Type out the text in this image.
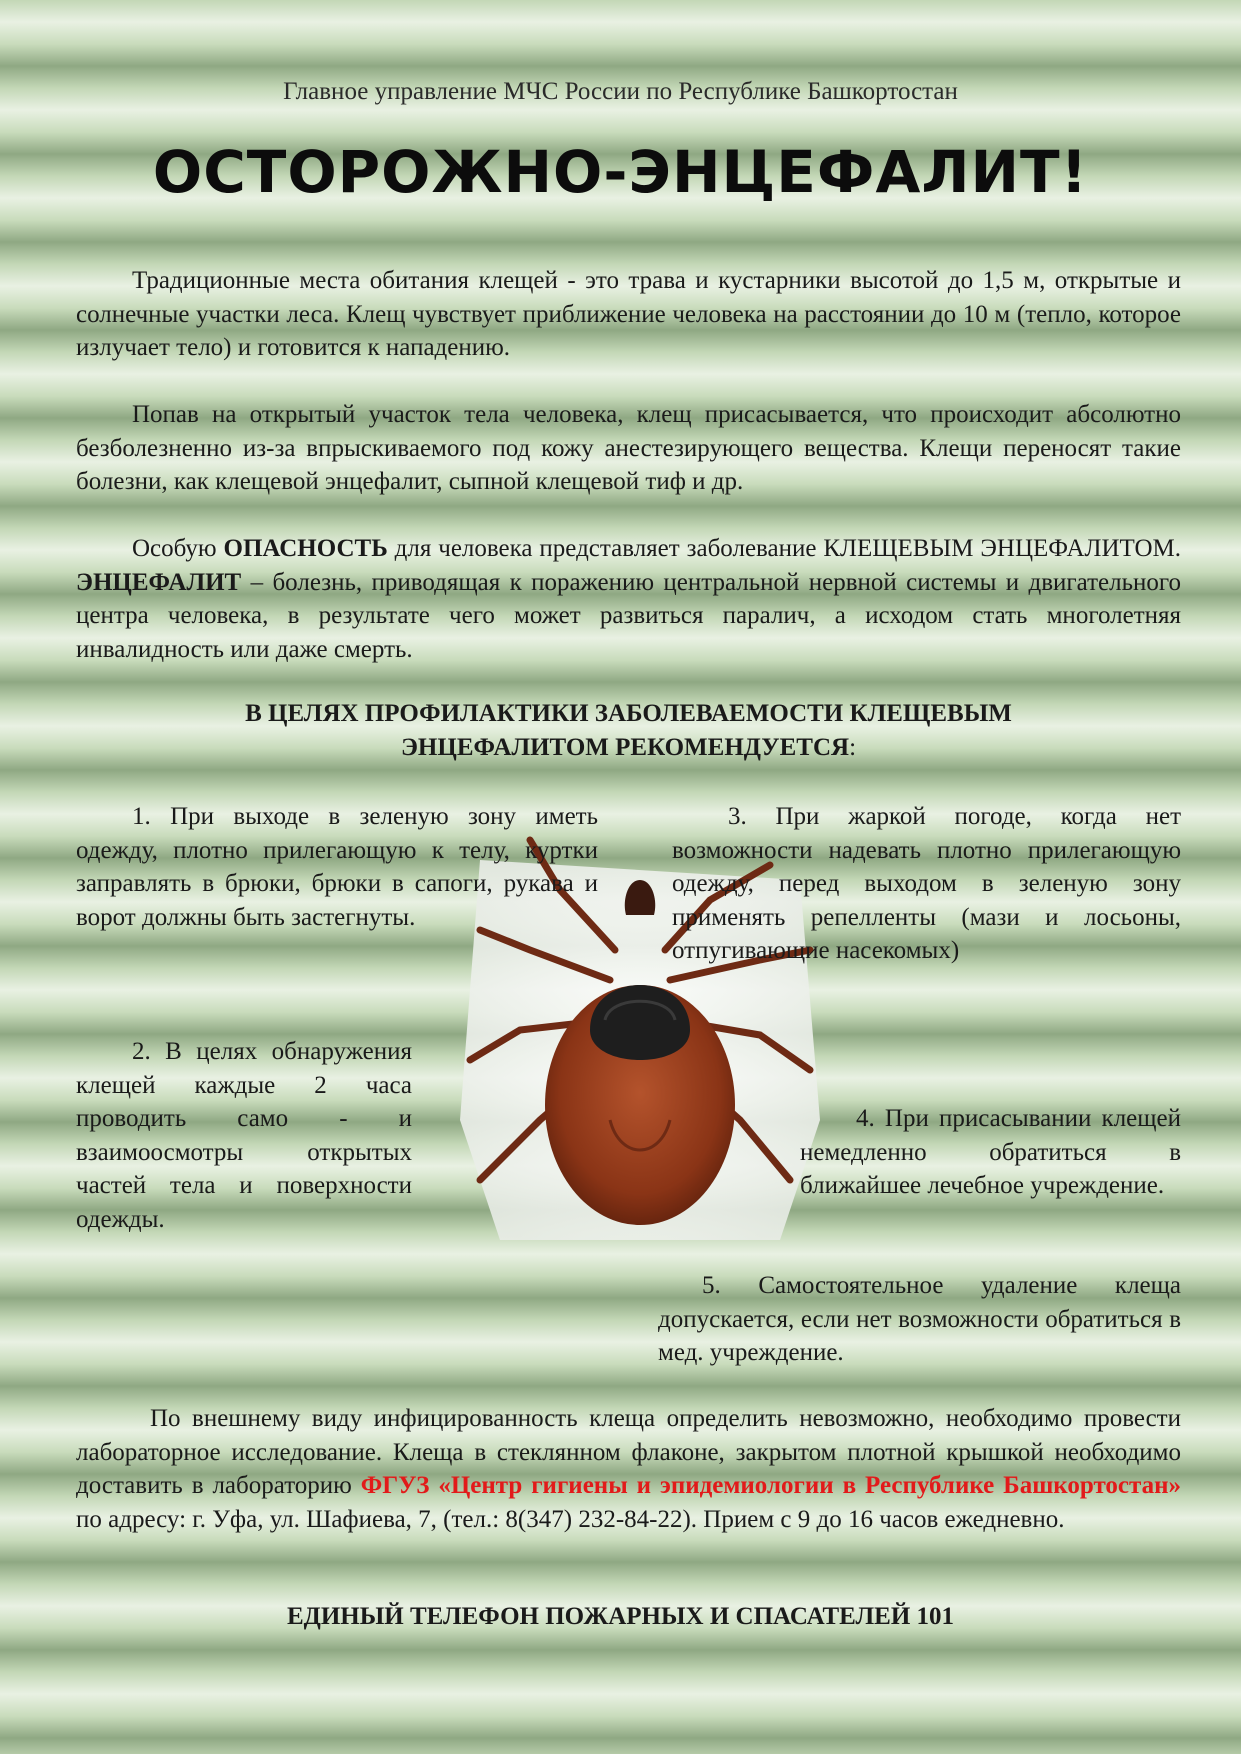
Главное управление МЧС России по Республике Башкортостан
ОСТОРОЖНО-ЭНЦЕФАЛИТ!

Традиционные места обитания клещей - это трава и кустарники высотой до 1,5 м, открытые и солнечные участки леса. Клещ чувствует приближение человека на расстоянии до 10 м (тепло, которое излучает тело) и готовится к нападению.

Попав на открытый участок тела человека, клещ присасывается, что происходит абсолютно безболезненно из-за впрыскиваемого под кожу анестезирующего вещества. Клещи переносят такие болезни, как клещевой энцефалит, сыпной клещевой тиф и др.

Особую ОПАСНОСТЬ для человека представляет заболевание КЛЕЩЕВЫМ ЭНЦЕФАЛИТОМ. ЭНЦЕФАЛИТ – болезнь, приводящая к поражению центральной нервной системы и двигательного центра человека, в результате чего может развиться паралич, а исходом стать многолетняя инвалидность или даже смерть.

В ЦЕЛЯХ ПРОФИЛАКТИКИ ЗАБОЛЕВАЕМОСТИ КЛЕЩЕВЫМ
ЭНЦЕФАЛИТОМ РЕКОМЕНДУЕТСЯ:

1. При выходе в зеленую зону иметь одежду, плотно прилегающую к телу, куртки заправлять в брюки, брюки в сапоги, рукава и ворот должны быть застегнуты.

2. В целях обнаружения клещей каждые 2 часа проводить само - и взаимоосмотры открытых частей тела и поверхности одежды.

3. При жаркой погоде, когда нет возможности надевать плотно прилегающую одежду, перед выходом в зеленую зону применять репелленты (мази и лосьоны, отпугивающие насекомых)

4. При присасывании клещей немедленно обратиться в ближайшее лечебное учреждение.

5. Самостоятельное удаление клеща допускается, если нет возможности обратиться в мед. учреждение.

По внешнему виду инфицированность клеща определить невозможно, необходимо провести лабораторное исследование. Клеща в стеклянном флаконе, закрытом плотной крышкой необходимо доставить в лабораторию ФГУЗ «Центр гигиены и эпидемиологии в Республике Башкортостан» по адресу: г. Уфа, ул. Шафиева, 7, (тел.: 8(347) 232-84-22). Прием с 9 до 16 часов ежедневно.

ЕДИНЫЙ ТЕЛЕФОН ПОЖАРНЫХ И СПАСАТЕЛЕЙ 101
